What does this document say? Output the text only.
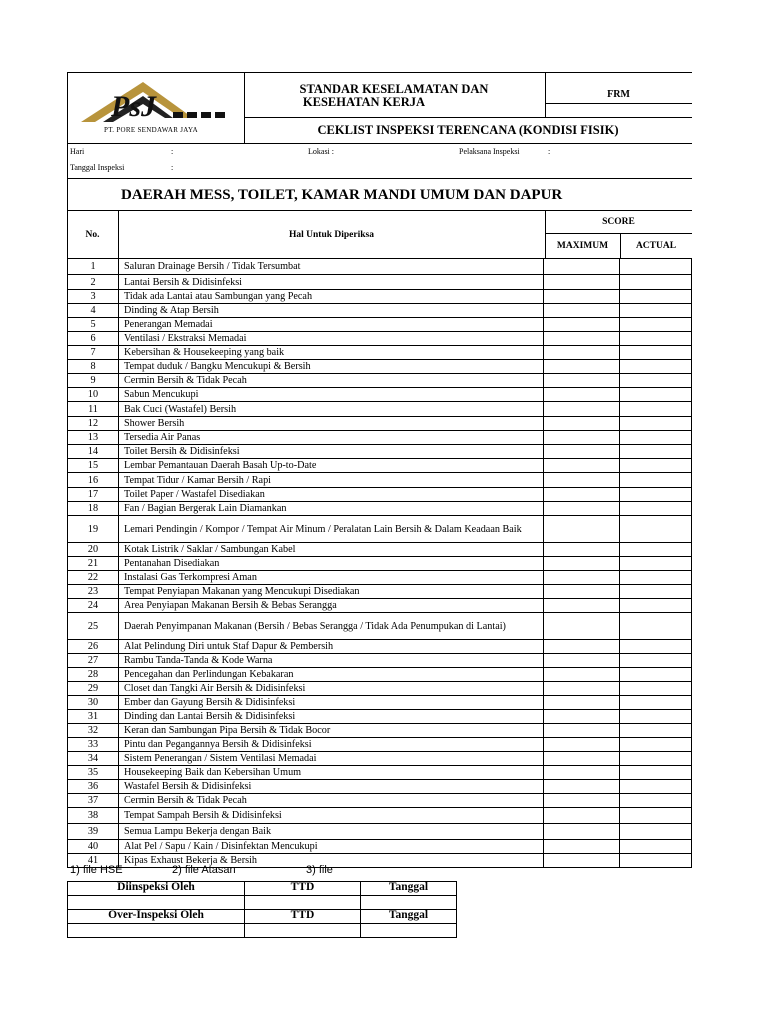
PsJ
PT. PORE SENDAWAR JAYA
STANDAR KESELAMATAN DAN
KESEHATAN KERJA
FRM
CEKLIST INSPEKSI TERENCANA (KONDISI FISIK)
Hari	:	Lokasi :	Pelaksana Inspeksi	:
Tanggal Inspeksi	:
DAERAH MESS, TOILET, KAMAR MANDI UMUM DAN DAPUR
No.	Hal Untuk Diperiksa
SCORE
MAXIMUM	ACTUAL
1	Saluran Drainage Bersih / Tidak Tersumbat		
2	Lantai Bersih & Didisinfeksi		
3	Tidak ada Lantai atau Sambungan yang Pecah		
4	Dinding & Atap Bersih		
5	Penerangan Memadai		
6	Ventilasi / Ekstraksi Memadai		
7	Kebersihan & Housekeeping yang baik		
8	Tempat duduk / Bangku Mencukupi & Bersih		
9	Cermin Bersih & Tidak Pecah		
10	Sabun Mencukupi		
11	Bak Cuci (Wastafel) Bersih		
12	Shower Bersih		
13	Tersedia Air Panas		
14	Toilet Bersih & Didisinfeksi		
15	Lembar Pemantauan Daerah Basah Up-to-Date		
16	Tempat Tidur / Kamar Bersih / Rapi		
17	Toilet Paper / Wastafel Disediakan		
18	Fan / Bagian Bergerak Lain Diamankan		
19	Lemari Pendingin / Kompor / Tempat Air Minum / Peralatan Lain Bersih & Dalam Keadaan Baik		
20	Kotak Listrik / Saklar / Sambungan Kabel		
21	Pentanahan Disediakan		
22	Instalasi Gas Terkompresi Aman		
23	Tempat Penyiapan Makanan yang Mencukupi Disediakan		
24	Area Penyiapan Makanan Bersih & Bebas Serangga		
25	Daerah Penyimpanan Makanan (Bersih / Bebas Serangga / Tidak Ada Penumpukan di Lantai)		
26	Alat Pelindung Diri untuk Staf Dapur & Pembersih		
27	Rambu Tanda-Tanda & Kode Warna		
28	Pencegahan dan Perlindungan Kebakaran		
29	Closet dan Tangki Air Bersih & Didisinfeksi		
30	Ember dan Gayung Bersih & Didisinfeksi		
31	Dinding dan Lantai Bersih & Didisinfeksi		
32	Keran dan Sambungan Pipa Bersih & Tidak Bocor		
33	Pintu dan Pegangannya Bersih & Didisinfeksi		
34	Sistem Penerangan / Sistem Ventilasi Memadai		
35	Housekeeping Baik dan Kebersihan Umum		
36	Wastafel Bersih & Didisinfeksi		
37	Cermin Bersih & Tidak Pecah		
38	Tempat Sampah Bersih & Didisinfeksi		
39	Semua Lampu Bekerja dengan Baik		
40	Alat Pel / Sapu / Kain / Disinfektan Mencukupi		
41	Kipas Exhaust Bekerja & Bersih		
1) file HSE	2) file Atasan	3) file
Diinspeksi Oleh	TTD	Tanggal

Over-Inspeksi Oleh	TTD	Tanggal
